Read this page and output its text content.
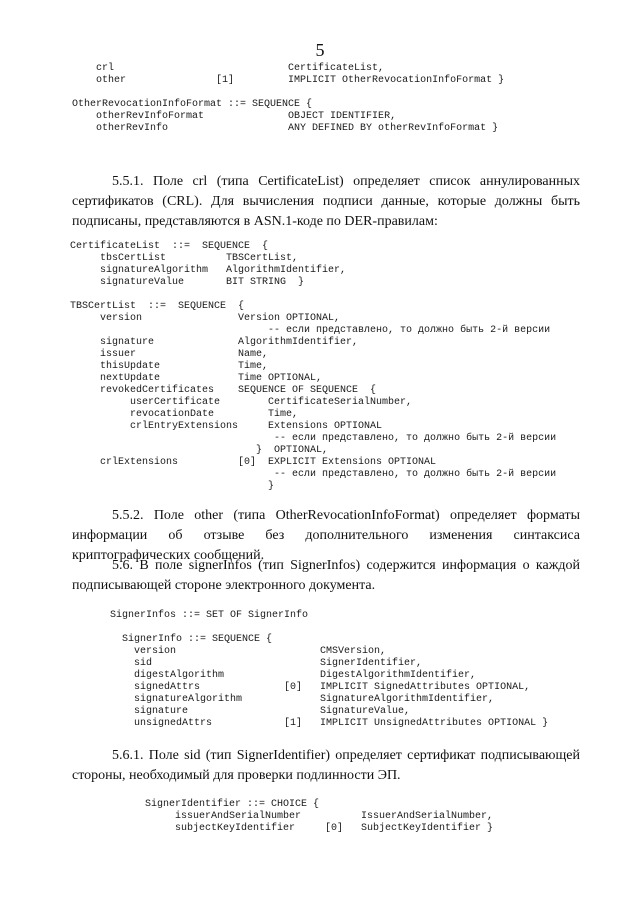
5
crl                             CertificateList,
other               [1]         IMPLICIT OtherRevocationInfoFormat }

OtherRevocationInfoFormat ::= SEQUENCE {
otherRevInfoFormat              OBJECT IDENTIFIER,
otherRevInfo                    ANY DEFINED BY otherRevInfoFormat }

5.5.1. Поле crl (типа CertificateList) определяет список аннулированных сертификатов (CRL). Для вычисления подписи данные, которые должны быть подписаны, представляются в ASN.1-коде по DER-правилам:

CertificateList  ::=  SEQUENCE  {
tbsCertList          TBSCertList,
signatureAlgorithm   AlgorithmIdentifier,
signatureValue       BIT STRING  }

TBSCertList  ::=  SEQUENCE  {
version                Version OPTIONAL,
-- если представлено, то должно быть 2-й версии
signature              AlgorithmIdentifier,
issuer                 Name,
thisUpdate             Time,
nextUpdate             Time OPTIONAL,
revokedCertificates    SEQUENCE OF SEQUENCE  {
userCertificate        CertificateSerialNumber,
revocationDate         Time,
crlEntryExtensions     Extensions OPTIONAL
-- если представлено, то должно быть 2-й версии
}  OPTIONAL,
crlExtensions          [0]  EXPLICIT Extensions OPTIONAL
-- если представлено, то должно быть 2-й версии
}

5.5.2. Поле other (типа OtherRevocationInfoFormat) определяет форматы информации об отзыве без дополнительного изменения синтаксиса криптографических сообщений.

5.6. В поле signerInfos (тип SignerInfos) содержится информация о каждой подписывающей стороне электронного документа.

SignerInfos ::= SET OF SignerInfo

SignerInfo ::= SEQUENCE {
version                        CMSVersion,
sid                            SignerIdentifier,
digestAlgorithm                DigestAlgorithmIdentifier,
signedAttrs              [0]   IMPLICIT SignedAttributes OPTIONAL,
signatureAlgorithm             SignatureAlgorithmIdentifier,
signature                      SignatureValue,
unsignedAttrs            [1]   IMPLICIT UnsignedAttributes OPTIONAL }

5.6.1. Поле sid (тип SignerIdentifier) определяет сертификат подписывающей стороны, необходимый для проверки подлинности ЭП.

SignerIdentifier ::= CHOICE {
issuerAndSerialNumber          IssuerAndSerialNumber,
subjectKeyIdentifier     [0]   SubjectKeyIdentifier }
